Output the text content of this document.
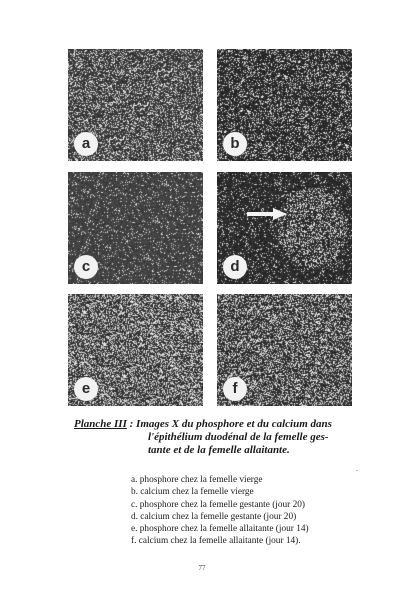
a	b
c	d
e	f
Planche III : Images X du phosphore et du calcium dans
l'épithélium duodénal de la femelle ges-
tante et de la femelle allaitante.
a. phosphore chez la femelle vierge
b. calcium chez la femelle vierge
c. phosphore chez la femelle gestante (jour 20)
d. calcium chez la femelle gestante (jour 20)
e. phosphore chez la femelle allaitante (jour 14)
f. calcium chez la femelle allaitante (jour 14).
77
